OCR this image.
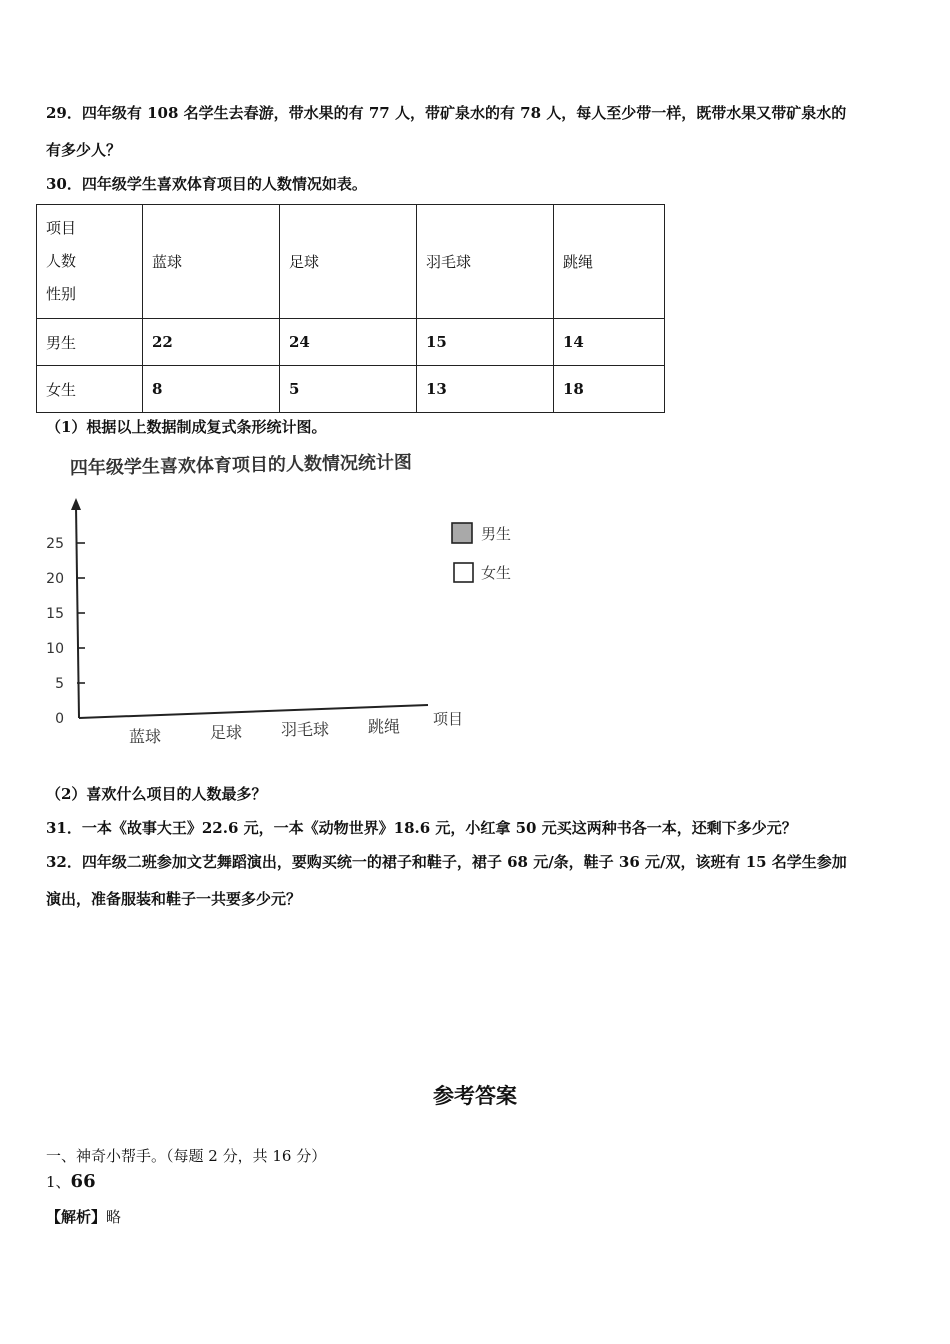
29．四年级有 108 名学生去春游，带水果的有 77 人，带矿泉水的有 78 人，每人至少带一样，既带水果又带矿泉水的
有多少人？
30．四年级学生喜欢体育项目的人数情况如表。
项目
人数
性别	蓝球	足球	羽毛球	跳绳
男生	22	24	15	14
女生	8	5	13	18
（1）根据以上数据制成复式条形统计图。
四年级学生喜欢体育项目的人数情况统计图
0
5
10
15
20
25
蓝球	足球 羽毛球 跳绳 项目
男生
女生
（2）喜欢什么项目的人数最多？
31．一本《故事大王》22.6 元，一本《动物世界》18.6 元，小红拿 50 元买这两种书各一本，还剩下多少元？
32．四年级二班参加文艺舞蹈演出，要购买统一的裙子和鞋子，裙子 68 元/条，鞋子 36 元/双，该班有 15 名学生参加
演出，准备服装和鞋子一共要多少元？
参考答案
一、神奇小帮手。（每题 2 分，共 16 分）
1、66
【解析】略
